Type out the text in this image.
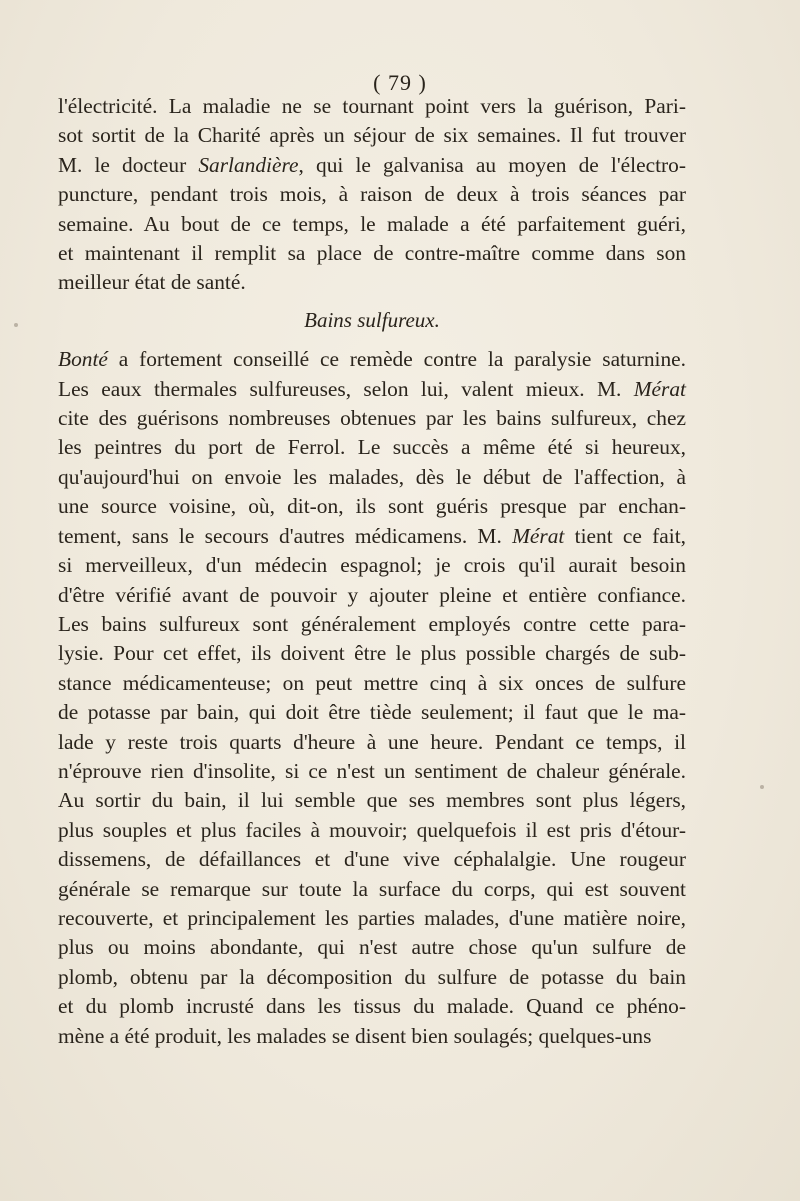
( 79 )
l'électricité. La maladie ne se tournant point vers la guérison, Pari-
sot sortit de la Charité après un séjour de six semaines. Il fut trouver
M. le docteur Sarlandière, qui le galvanisa au moyen de l'électro-
puncture, pendant trois mois, à raison de deux à trois séances par
semaine. Au bout de ce temps, le malade a été parfaitement guéri,
et maintenant il remplit sa place de contre-maître comme dans son
meilleur état de santé.
Bains sulfureux.
Bonté a fortement conseillé ce remède contre la paralysie saturnine.
Les eaux thermales sulfureuses, selon lui, valent mieux. M. Mérat
cite des guérisons nombreuses obtenues par les bains sulfureux, chez
les peintres du port de Ferrol. Le succès a même été si heureux,
qu'aujourd'hui on envoie les malades, dès le début de l'affection, à
une source voisine, où, dit-on, ils sont guéris presque par enchan-
tement, sans le secours d'autres médicamens. M. Mérat tient ce fait,
si merveilleux, d'un médecin espagnol; je crois qu'il aurait besoin
d'être vérifié avant de pouvoir y ajouter pleine et entière confiance.
Les bains sulfureux sont généralement employés contre cette para-
lysie. Pour cet effet, ils doivent être le plus possible chargés de sub-
stance médicamenteuse; on peut mettre cinq à six onces de sulfure
de potasse par bain, qui doit être tiède seulement; il faut que le ma-
lade y reste trois quarts d'heure à une heure. Pendant ce temps, il
n'éprouve rien d'insolite, si ce n'est un sentiment de chaleur générale.
Au sortir du bain, il lui semble que ses membres sont plus légers,
plus souples et plus faciles à mouvoir; quelquefois il est pris d'étour-
dissemens, de défaillances et d'une vive céphalalgie. Une rougeur
générale se remarque sur toute la surface du corps, qui est souvent
recouverte, et principalement les parties malades, d'une matière noire,
plus ou moins abondante, qui n'est autre chose qu'un sulfure de
plomb, obtenu par la décomposition du sulfure de potasse du bain
et du plomb incrusté dans les tissus du malade. Quand ce phéno-
mène a été produit, les malades se disent bien soulagés; quelques-uns
